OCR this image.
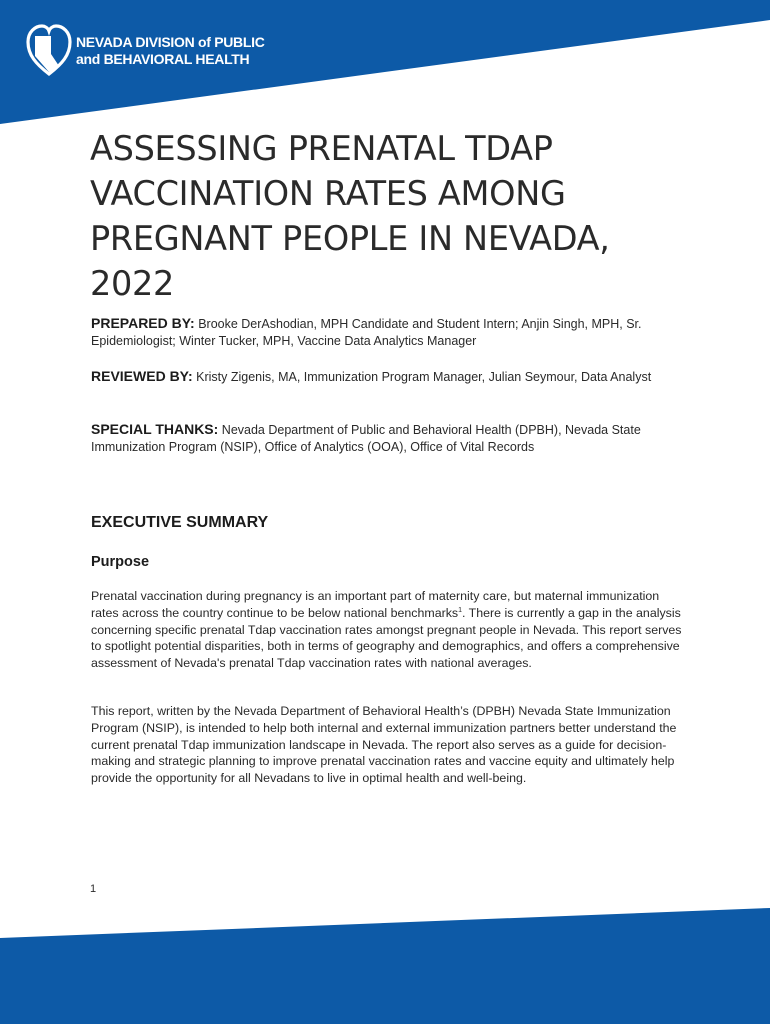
NEVADA DIVISION of PUBLIC
and BEHAVIORAL HEALTH
ASSESSING PRENATAL TDAP VACCINATION RATES AMONG PREGNANT PEOPLE IN NEVADA, 2022

PREPARED BY: Brooke DerAshodian, MPH Candidate and Student Intern; Anjin Singh, MPH, Sr. Epidemiologist; Winter Tucker, MPH, Vaccine Data Analytics Manager

REVIEWED BY: Kristy Zigenis, MA, Immunization Program Manager, Julian Seymour, Data Analyst

SPECIAL THANKS: Nevada Department of Public and Behavioral Health (DPBH), Nevada State Immunization Program (NSIP), Office of Analytics (OOA), Office of Vital Records

EXECUTIVE SUMMARY
Purpose

Prenatal vaccination during pregnancy is an important part of maternity care, but maternal immunization rates across the country continue to be below national benchmarks$^1$. There is currently a gap in the analysis concerning specific prenatal Tdap vaccination rates amongst pregnant people in Nevada. This report serves to spotlight potential disparities, both in terms of geography and demographics, and offers a comprehensive assessment of Nevada's prenatal Tdap vaccination rates with national averages.

This report, written by the Nevada Department of Behavioral Health’s (DPBH) Nevada State Immunization Program (NSIP), is intended to help both internal and external immunization partners better understand the current prenatal Tdap immunization landscape in Nevada. The report also serves as a guide for decision-making and strategic planning to improve prenatal vaccination rates and vaccine equity and ultimately help provide the opportunity for all Nevadans to live in optimal health and well-being.

1
